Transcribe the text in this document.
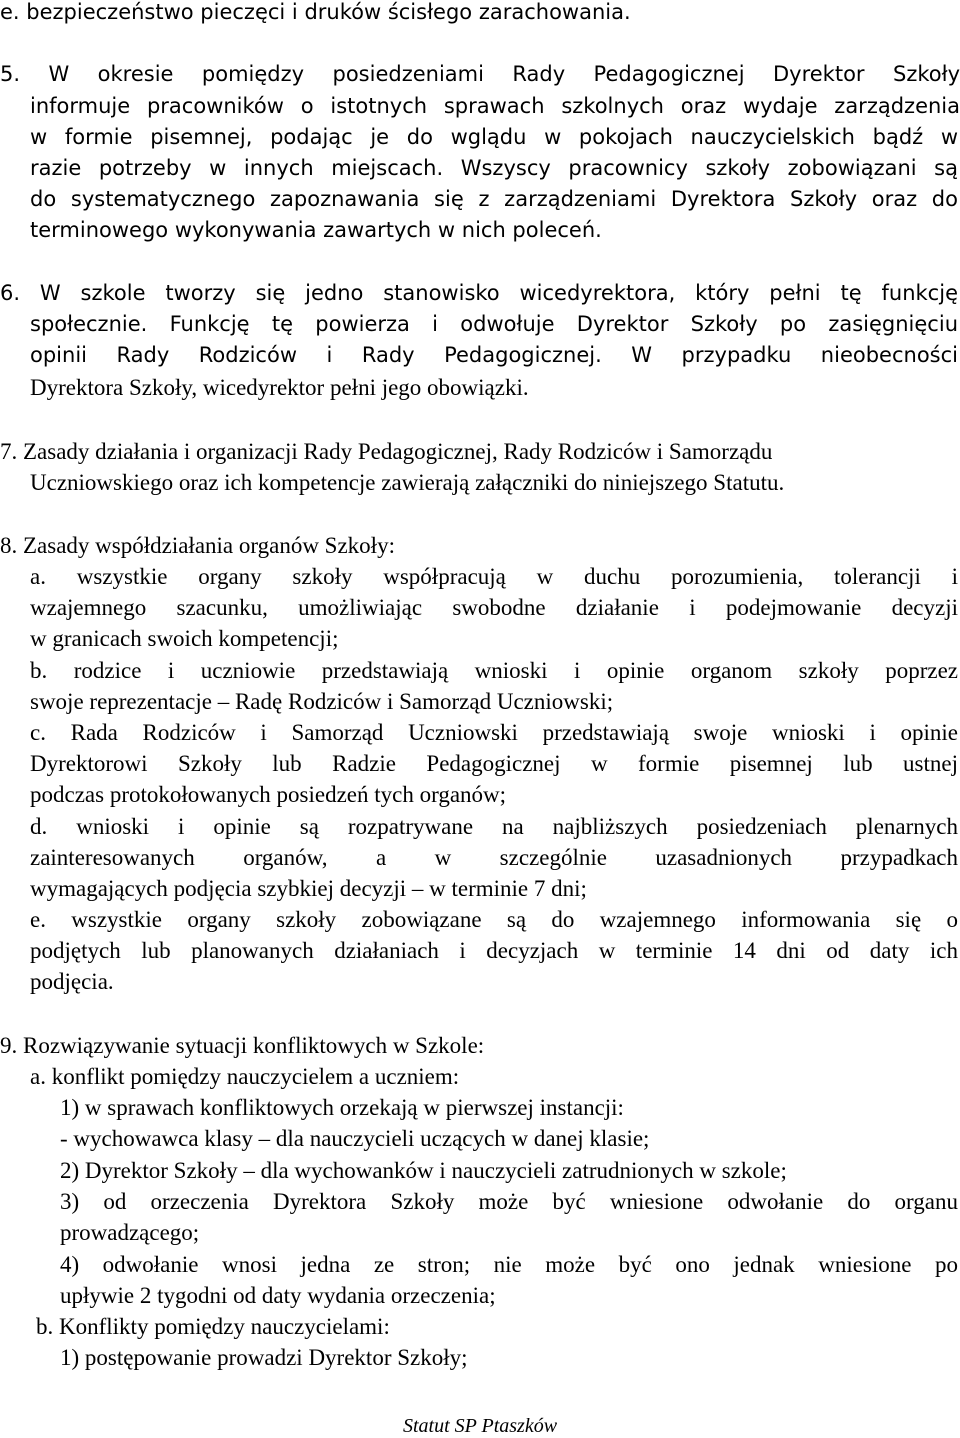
e. bezpieczeństwo pieczęci i druków ścisłego zarachowania.
5. W okresie pomiędzy posiedzeniami Rady Pedagogicznej Dyrektor Szkoły
informuje pracowników o istotnych sprawach szkolnych oraz wydaje zarządzenia
w formie pisemnej, podając je do wglądu w pokojach nauczycielskich bądź w
razie potrzeby w innych miejscach. Wszyscy pracownicy szkoły zobowiązani są
do systematycznego zapoznawania się z zarządzeniami Dyrektora Szkoły oraz do
terminowego wykonywania zawartych w nich poleceń.
6. W szkole tworzy się jedno stanowisko wicedyrektora, który pełni tę funkcję
społecznie. Funkcję tę powierza i odwołuje Dyrektor Szkoły po zasięgnięciu
opinii Rady Rodziców i Rady Pedagogicznej. W przypadku nieobecności
Dyrektora Szkoły, wicedyrektor pełni jego obowiązki.
7. Zasady działania i organizacji Rady Pedagogicznej, Rady Rodziców i Samorządu
Uczniowskiego oraz ich kompetencje zawierają załączniki do niniejszego Statutu.
8. Zasady współdziałania organów Szkoły:
a. wszystkie organy szkoły współpracują w duchu porozumienia, tolerancji i
wzajemnego szacunku, umożliwiając swobodne działanie i podejmowanie decyzji
w granicach swoich kompetencji;
b. rodzice i uczniowie przedstawiają wnioski i opinie organom szkoły poprzez
swoje reprezentacje – Radę Rodziców i Samorząd Uczniowski;
c. Rada Rodziców i Samorząd Uczniowski przedstawiają swoje wnioski i opinie
Dyrektorowi Szkoły lub Radzie Pedagogicznej w formie pisemnej lub ustnej
podczas protokołowanych posiedzeń tych organów;
d. wnioski i opinie są rozpatrywane na najbliższych posiedzeniach plenarnych
zainteresowanych organów, a w szczególnie uzasadnionych przypadkach
wymagających podjęcia szybkiej decyzji – w terminie 7 dni;
e. wszystkie organy szkoły zobowiązane są do wzajemnego informowania się o
podjętych lub planowanych działaniach i decyzjach w terminie 14 dni od daty ich
podjęcia.
9. Rozwiązywanie sytuacji konfliktowych w Szkole:
a. konflikt pomiędzy nauczycielem a uczniem:
1) w sprawach konfliktowych orzekają w pierwszej instancji:
- wychowawca klasy – dla nauczycieli uczących w danej klasie;
2) Dyrektor Szkoły – dla wychowanków i nauczycieli zatrudnionych w szkole;
3) od orzeczenia Dyrektora Szkoły może być wniesione odwołanie do organu
prowadzącego;
4) odwołanie wnosi jedna ze stron; nie może być ono jednak wniesione po
upływie 2 tygodni od daty wydania orzeczenia;
b. Konflikty pomiędzy nauczycielami:
1) postępowanie prowadzi Dyrektor Szkoły;
Statut SP Ptaszków
